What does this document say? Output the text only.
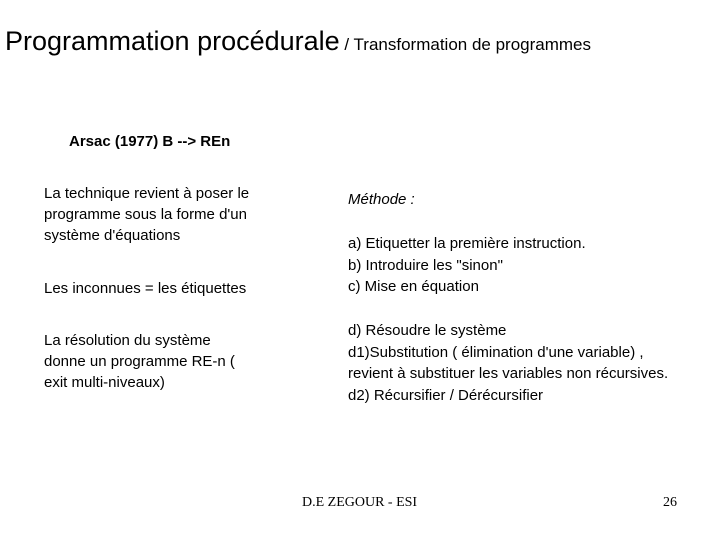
Programmation procédurale / Transformation de programmes
Arsac (1977) B --> REn
La technique revient à poser le
programme sous la forme d'un
système d'équations
Les inconnues = les étiquettes
La résolution du système
donne un programme RE-n (
exit multi-niveaux)
Méthode :
a) Etiquetter la première instruction.
b) Introduire les "sinon"
c) Mise en équation
d) Résoudre le système
d1)Substitution ( élimination d'une variable) ,
revient à substituer les variables non récursives.
d2) Récursifier / Dérécursifier
D.E ZEGOUR - ESI	26
